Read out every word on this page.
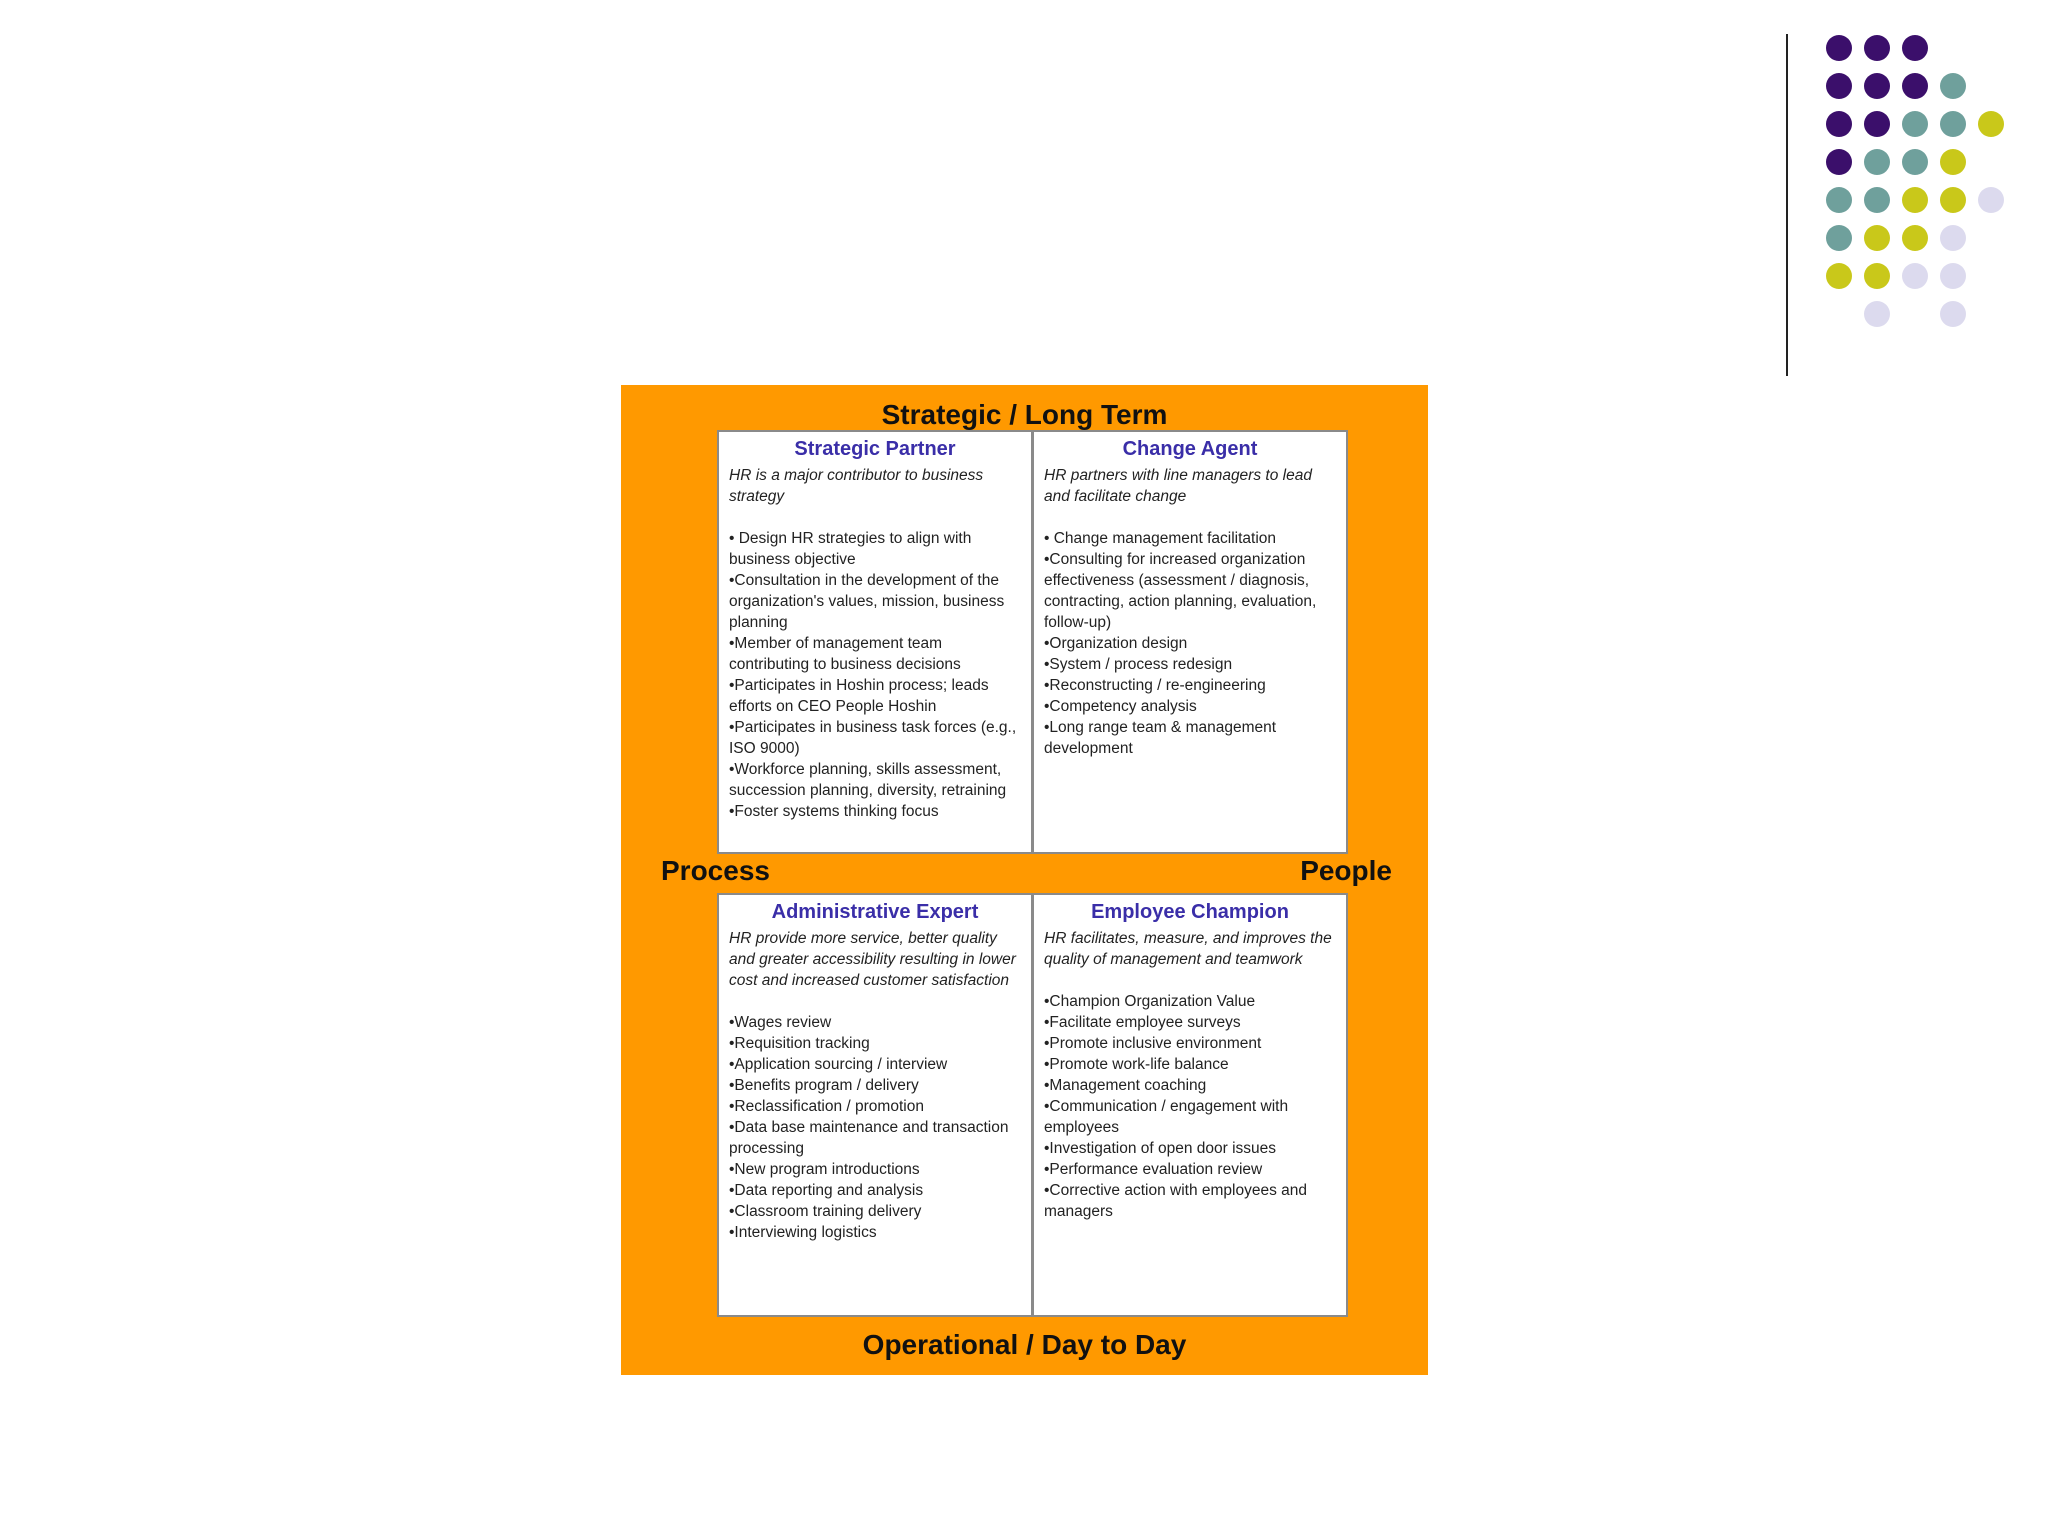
Strategic / Long Term
Strategic Partner
HR is a major contributor to business strategy
• Design HR strategies to align with business objective
•Consultation in the development of the organization's values, mission, business planning
•Member of management team contributing to business decisions
•Participates in Hoshin process; leads efforts on CEO People Hoshin
•Participates in business task forces (e.g., ISO 9000)
•Workforce planning, skills assessment, succession planning, diversity, retraining
•Foster systems thinking focus
Change Agent
HR partners with line managers to lead and facilitate change
• Change management facilitation
•Consulting for increased organization effectiveness (assessment / diagnosis, contracting, action planning, evaluation, follow-up)
•Organization design
•System / process redesign
•Reconstructing / re-engineering
•Competency analysis
•Long range team & management development
Process	People
Administrative Expert
HR provide more service, better quality and greater accessibility resulting in lower cost and increased customer satisfaction
•Wages review
•Requisition tracking
•Application sourcing / interview
•Benefits program / delivery
•Reclassification / promotion
•Data base maintenance and transaction processing
•New program introductions
•Data reporting and analysis
•Classroom training delivery
•Interviewing logistics
Employee Champion
HR facilitates, measure, and improves the quality of management and teamwork
•Champion Organization Value
•Facilitate employee surveys
•Promote inclusive environment
•Promote work-life balance
•Management coaching
•Communication / engagement with employees
•Investigation of open door issues
•Performance evaluation review
•Corrective action with employees and managers
Operational / Day to Day
